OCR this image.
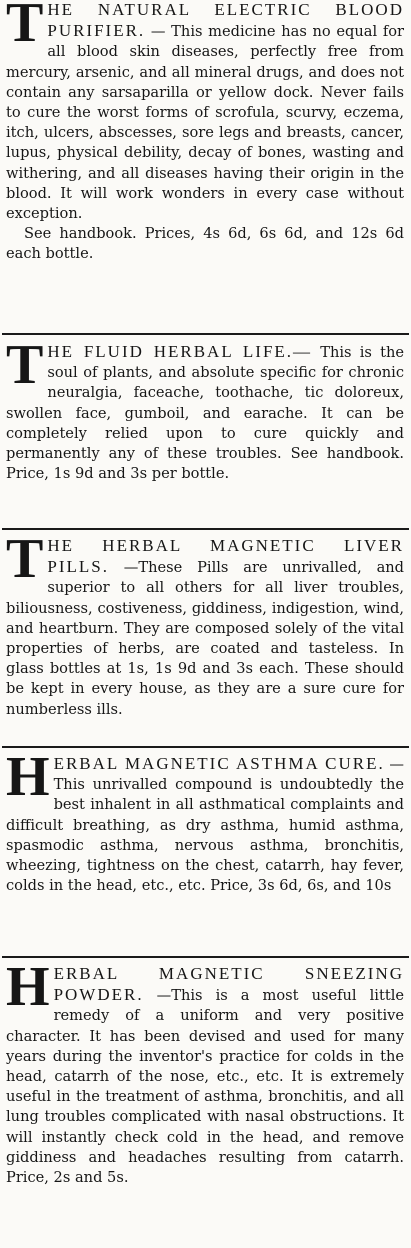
T HE NATURAL ELECTRIC BLOOD PURIFIER. — This medicine has no equal for all blood skin diseases, perfectly free from mercury, arsenic, and all mineral drugs, and does not contain any sarsaparilla or yellow dock. Never fails to cure the worst forms of scrofula, scurvy, eczema, itch, ulcers, abscesses, sore legs and breasts, cancer, lupus, physical debility, decay of bones, wasting and withering, and all diseases having their origin in the blood. It will work wonders in every case without exception.

See handbook. Prices, 4s 6d, 6s 6d, and 12s 6d each bottle.

T HE FLUID HERBAL LIFE.— This is the soul of plants, and absolute specific for chronic neuralgia, faceache, toothache, tic doloreux, swollen face, gumboil, and earache. It can be completely relied upon to cure quickly and permanently any of these troubles. See handbook. Price, 1s 9d and 3s per bottle.

T HE HERBAL MAGNETIC LIVER PILLS. —These Pills are unrivalled, and superior to all others for all liver troubles, biliousness, costiveness, giddiness, indigestion, wind, and heartburn. They are composed solely of the vital properties of herbs, are coated and tasteless. In glass bottles at 1s, 1s 9d and 3s each. These should be kept in every house, as they are a sure cure for numberless ills.

H ERBAL MAGNETIC ASTHMA CURE. —This unrivalled compound is undoubtedly the best inhalent in all asthmatical complaints and difficult breathing, as dry asthma, humid asthma, spasmodic asthma, nervous asthma, bronchitis, wheezing, tightness on the chest, catarrh, hay fever, colds in the head, etc., etc. Price, 3s 6d, 6s, and 10s

H ERBAL MAGNETIC SNEEZING POWDER. —This is a most useful little remedy of a uniform and very positive character. It has been devised and used for many years during the inventor's practice for colds in the head, catarrh of the nose, etc., etc. It is extremely useful in the treatment of asthma, bronchitis, and all lung troubles complicated with nasal obstructions. It will instantly check cold in the head, and remove giddiness and headaches resulting from catarrh. Price, 2s and 5s.
